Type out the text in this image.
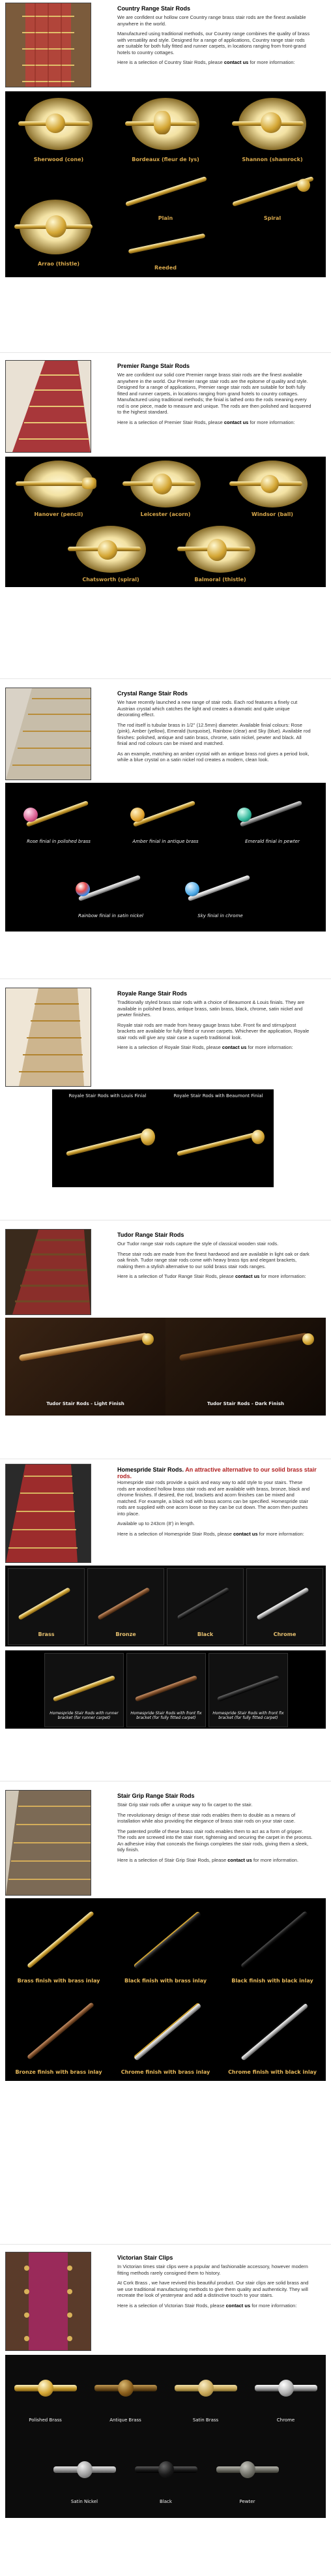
Country Range Stair Rods

We are confident our hollow core Country range brass stair rods are the finest available anywhere in the world.

Manufactured using traditional methods, our Country range combines the quality of brass with versatility and style. Designed for a range of applications, Country range stair rods are suitable for both fully fitted and runner carpets, in locations ranging from front-grand hotels to country cottages.

Here is a selection of Country Stair Rods, please contact us for more information:

Sherwood (cone)	Bordeaux (fleur de lys)	Shannon (shamrock)
Plain	Spiral
Arrao (thistle)
Reeded
Premier Range Stair Rods

We are confident our solid core Premier range brass stair rods are the finest available anywhere in the world. Our Premier range stair rods are the epitome of quality and style. Designed for a range of applications, Premier range stair rods are suitable for both fully fitted and runner carpets, in locations ranging from grand hotels to country cottages. Manufactured using traditional methods; the finial is lathed onto the rods meaning every rod is one piece, made to measure and unique. The rods are then polished and lacquered to the highest standard.

Here is a selection of Premier Stair Rods, please contact us for more information:

Hanover (pencil)	Leicester (acorn)	Windsor (ball)
Chatsworth (spiral)	Balmoral (thistle)
Crystal Range Stair Rods

We have recently launched a new range of stair rods. Each rod features a finely cut Austrian crystal which catches the light and creates a dramatic and quite unique decorating effect.

The rod itself is tubular brass in 1/2" (12.5mm) diameter. Available finial colours: Rose (pink), Amber (yellow), Emerald (turquoise), Rainbow (clear) and Sky (blue). Available rod finishes: polished, antique and satin brass, chrome, satin nickel, pewter and black. All finial and rod colours can be mixed and matched.

As an example, matching an amber crystal with an antique brass rod gives a period look, while a blue crystal on a satin nickel rod creates a modern, clean look.

Rose finial in polished brass	Amber finial in antique brass	Emerald finial in pewter
Rainbow finial in satin nickel	Sky finial in chrome
Royale Range Stair Rods

Traditionally styled brass stair rods with a choice of Beaumont & Louis finials. They are available in polished brass, antique brass, satin brass, black, chrome, satin nickel and pewter finishes.

Royale stair rods are made from heavy gauge brass tube. Front fix and stirrup/post brackets are available for fully fitted or runner carpets. Whichever the application, Royale stair rods will give any stair case a superb traditional look.

Here is a selection of Royale Stair Rods, please contact us for more information:

Royale Stair Rods with Louis Finial	Royale Stair Rods with Beaumont Finial
Tudor Range Stair Rods

Our Tudor range stair rods capture the style of classical wooden stair rods.

These stair rods are made from the finest hardwood and are available in light oak or dark oak finish. Tudor range stair rods come with heavy brass tips and elegant brackets, making them a stylish alternative to our solid brass stair rods ranges.

Here is a selection of Tudor Range Stair Rods, please contact us for more information:

Tudor Stair Rods - Light Finish	Tudor Stair Rods - Dark Finish
Homespride Stair Rods. An attractive alternative to our solid brass stair rods.

Homespride stair rods provide a quick and easy way to add style to your stairs. These rods are anodised hollow brass stair rods and are available with brass, bronze, black and chrome finishes. If desired, the rod, brackets and acorn finishes can be mixed and matched. For example, a black rod with brass acorns can be specified. Homespride stair rods are supplied with one acorn loose so they can be cut down. The acorn then pushes into place.

Available up to 243cm (8') in length.

Here is a selection of Homespride Stair Rods, please contact us for more information:

Brass	Bronze	Black	Chrome
Homespride Stair Rods with runner bracket (for runner carpet)
Homespride Stair Rods with front fix bracket (for fully fitted carpet)
Homespride Stair Rods with front fix bracket (for fully fitted carpet)
Stair Grip Range Stair Rods

Stair Grip stair rods offer a unique way to fix carpet to the stair.

The revolutionary design of these stair rods enables them to double as a means of installation while also providing the elegance of brass stair rods on your stair case.

The patented profile of these brass stair rods enables them to act as a form of gripper. The rods are screwed into the stair riser, tightening and securing the carpet in the process. An adhesive inlay that conceals the fixings completes the stair rods, giving them a sleek, tidy finish.

Here is a selection of Stair Grip Stair Rods, please contact us for more information.

Brass finish with brass inlay	Black finish with brass inlay	Black finish with black inlay
Bronze finish with brass inlay	Chrome finish with brass inlay	Chrome finish with black inlay
Victorian Stair Clips

In Victorian times stair clips were a popular and fashionable accessory, however modern fitting methods rarely consigned them to history.

At Cork Brass , we have revived this beautiful product. Our stair clips are solid brass and we use traditional manufacturing methods to give them quality and authenticity. They will recreate the look of yesteryear and add a distinctive touch to your stairs.

Here is a selection of Victorian Stair Rods, please contact us for more information:

Polished Brass	Antique Brass	Satin Brass	Chrome
Satin Nickel	Black	Pewter
